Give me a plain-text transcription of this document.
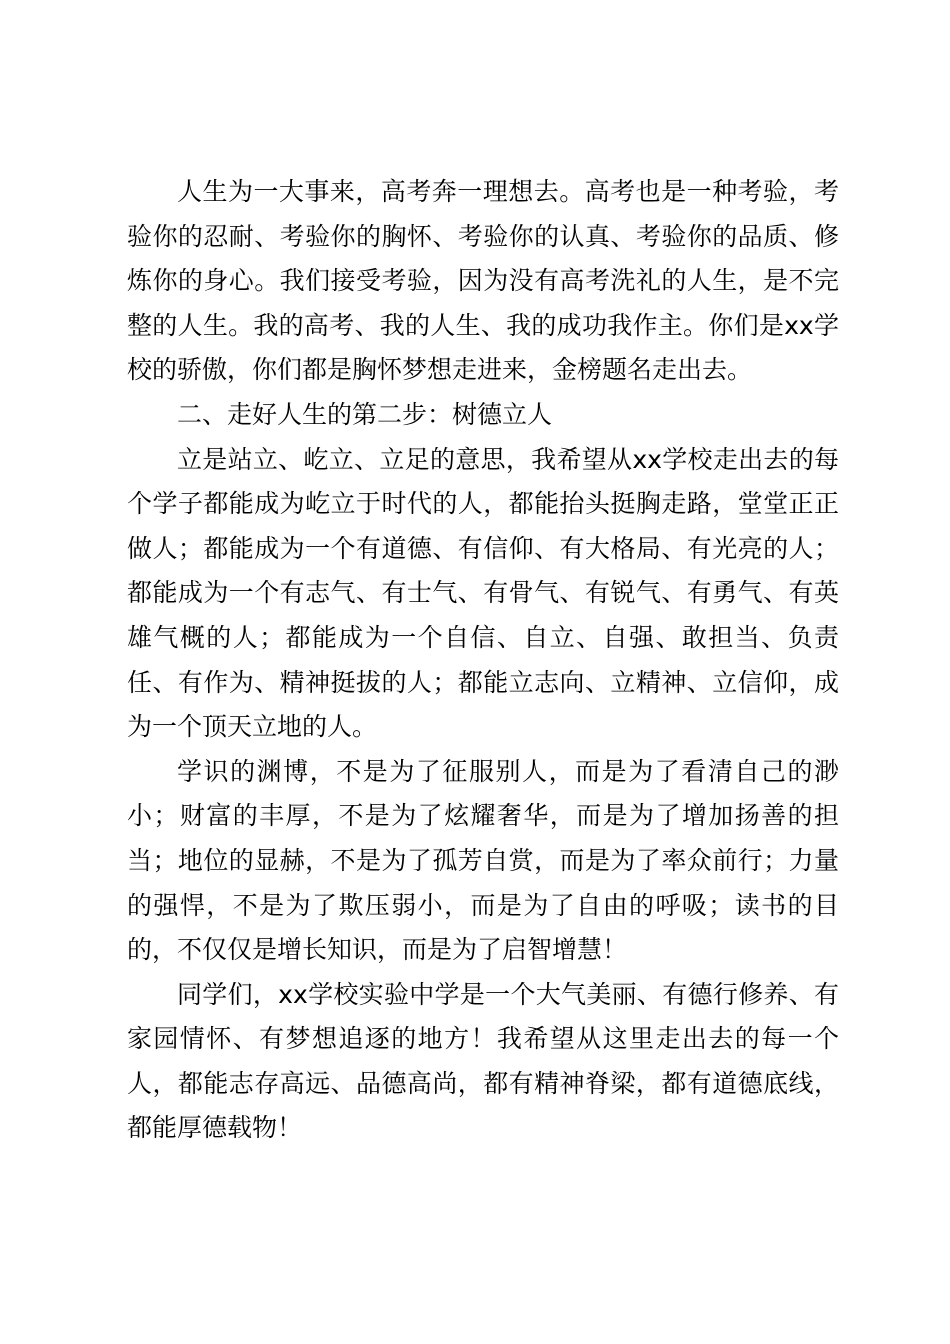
人生为一大事来，高考奔一理想去。高考也是一种考验，考验你的忍耐、考验你的胸怀、考验你的认真、考验你的品质、修炼你的身心。我们接受考验，因为没有高考洗礼的人生，是不完整的人生。我的高考、我的人生、我的成功我作主。你们是xx学校的骄傲，你们都是胸怀梦想走进来，金榜题名走出去。

二、走好人生的第二步：树德立人

立是站立、屹立、立足的意思，我希望从xx学校走出去的每个学子都能成为屹立于时代的人，都能抬头挺胸走路，堂堂正正做人；都能成为一个有道德、有信仰、有大格局、有光亮的人；都能成为一个有志气、有士气、有骨气、有锐气、有勇气、有英雄气概的人；都能成为一个自信、自立、自强、敢担当、负责任、有作为、精神挺拔的人；都能立志向、立精神、立信仰，成为一个顶天立地的人。

学识的渊博，不是为了征服别人，而是为了看清自己的渺小；财富的丰厚，不是为了炫耀奢华，而是为了增加扬善的担当；地位的显赫，不是为了孤芳自赏，而是为了率众前行；力量的强悍，不是为了欺压弱小，而是为了自由的呼吸；读书的目的，不仅仅是增长知识，而是为了启智增慧！

同学们，xx学校实验中学是一个大气美丽、有德行修养、有家园情怀、有梦想追逐的地方！我希望从这里走出去的每一个人，都能志存高远、品德高尚，都有精神脊梁，都有道德底线，都能厚德载物！
